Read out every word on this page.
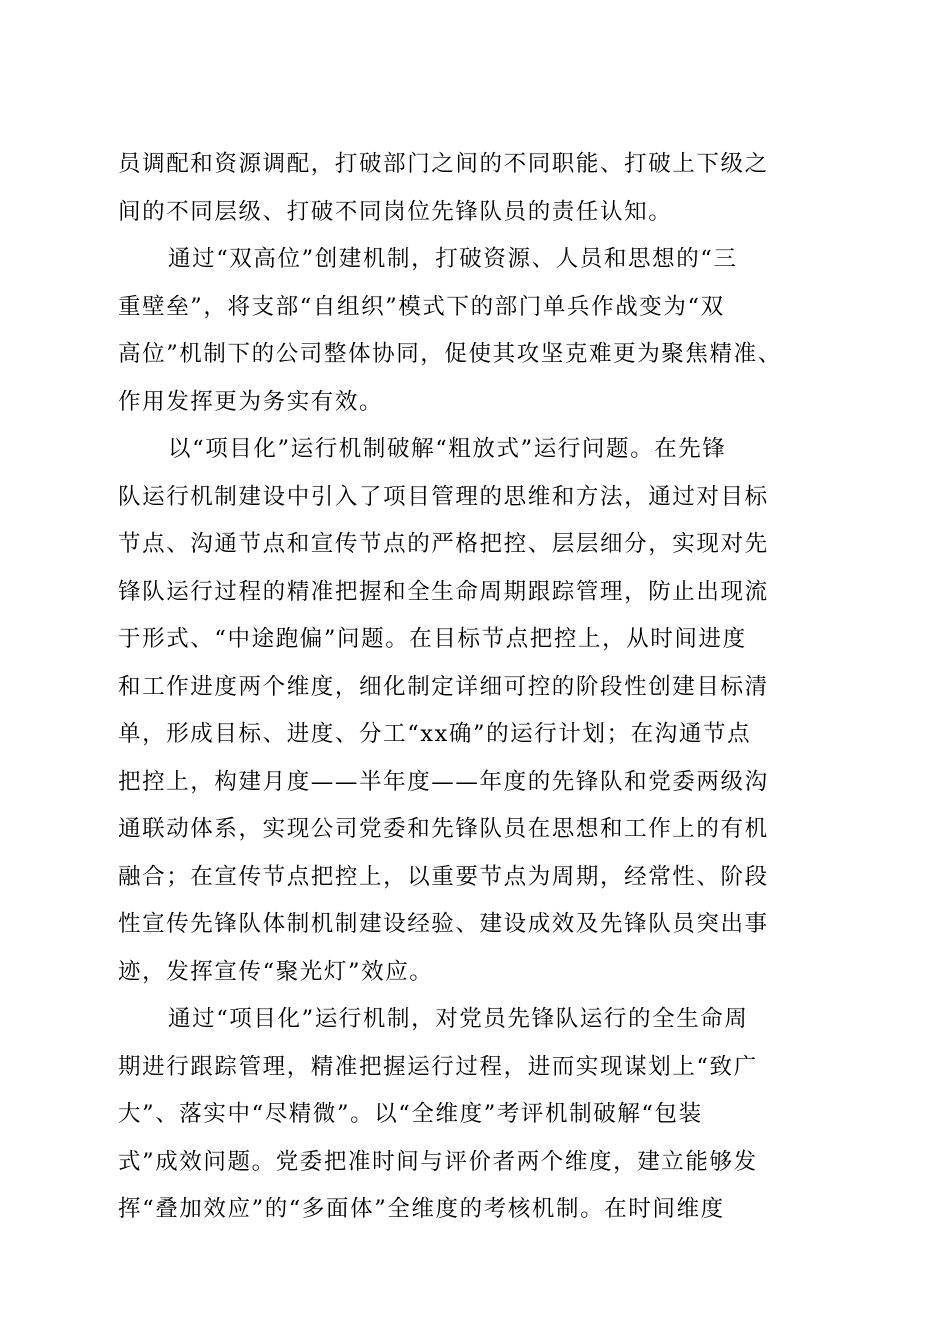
员调配和资源调配，打破部门之间的不同职能、打破上下级之
间的不同层级、打破不同岗位先锋队员的责任认知。
通过“双高位”创建机制，打破资源、人员和思想的“三
重壁垒”，将支部“自组织”模式下的部门单兵作战变为“双
高位”机制下的公司整体协同，促使其攻坚克难更为聚焦精准、
作用发挥更为务实有效。
以“项目化”运行机制破解“粗放式”运行问题。在先锋
队运行机制建设中引入了项目管理的思维和方法，通过对目标
节点、沟通节点和宣传节点的严格把控、层层细分，实现对先
锋队运行过程的精准把握和全生命周期跟踪管理，防止出现流
于形式、“中途跑偏”问题。在目标节点把控上，从时间进度
和工作进度两个维度，细化制定详细可控的阶段性创建目标清
单，形成目标、进度、分工“xx确”的运行计划；在沟通节点
把控上，构建月度——半年度——年度的先锋队和党委两级沟
通联动体系，实现公司党委和先锋队员在思想和工作上的有机
融合；在宣传节点把控上，以重要节点为周期，经常性、阶段
性宣传先锋队体制机制建设经验、建设成效及先锋队员突出事
迹，发挥宣传“聚光灯”效应。
通过“项目化”运行机制，对党员先锋队运行的全生命周
期进行跟踪管理，精准把握运行过程，进而实现谋划上“致广
大”、落实中“尽精微”。以“全维度”考评机制破解“包装
式”成效问题。党委把准时间与评价者两个维度，建立能够发
挥“叠加效应”的“多面体”全维度的考核机制。在时间维度
